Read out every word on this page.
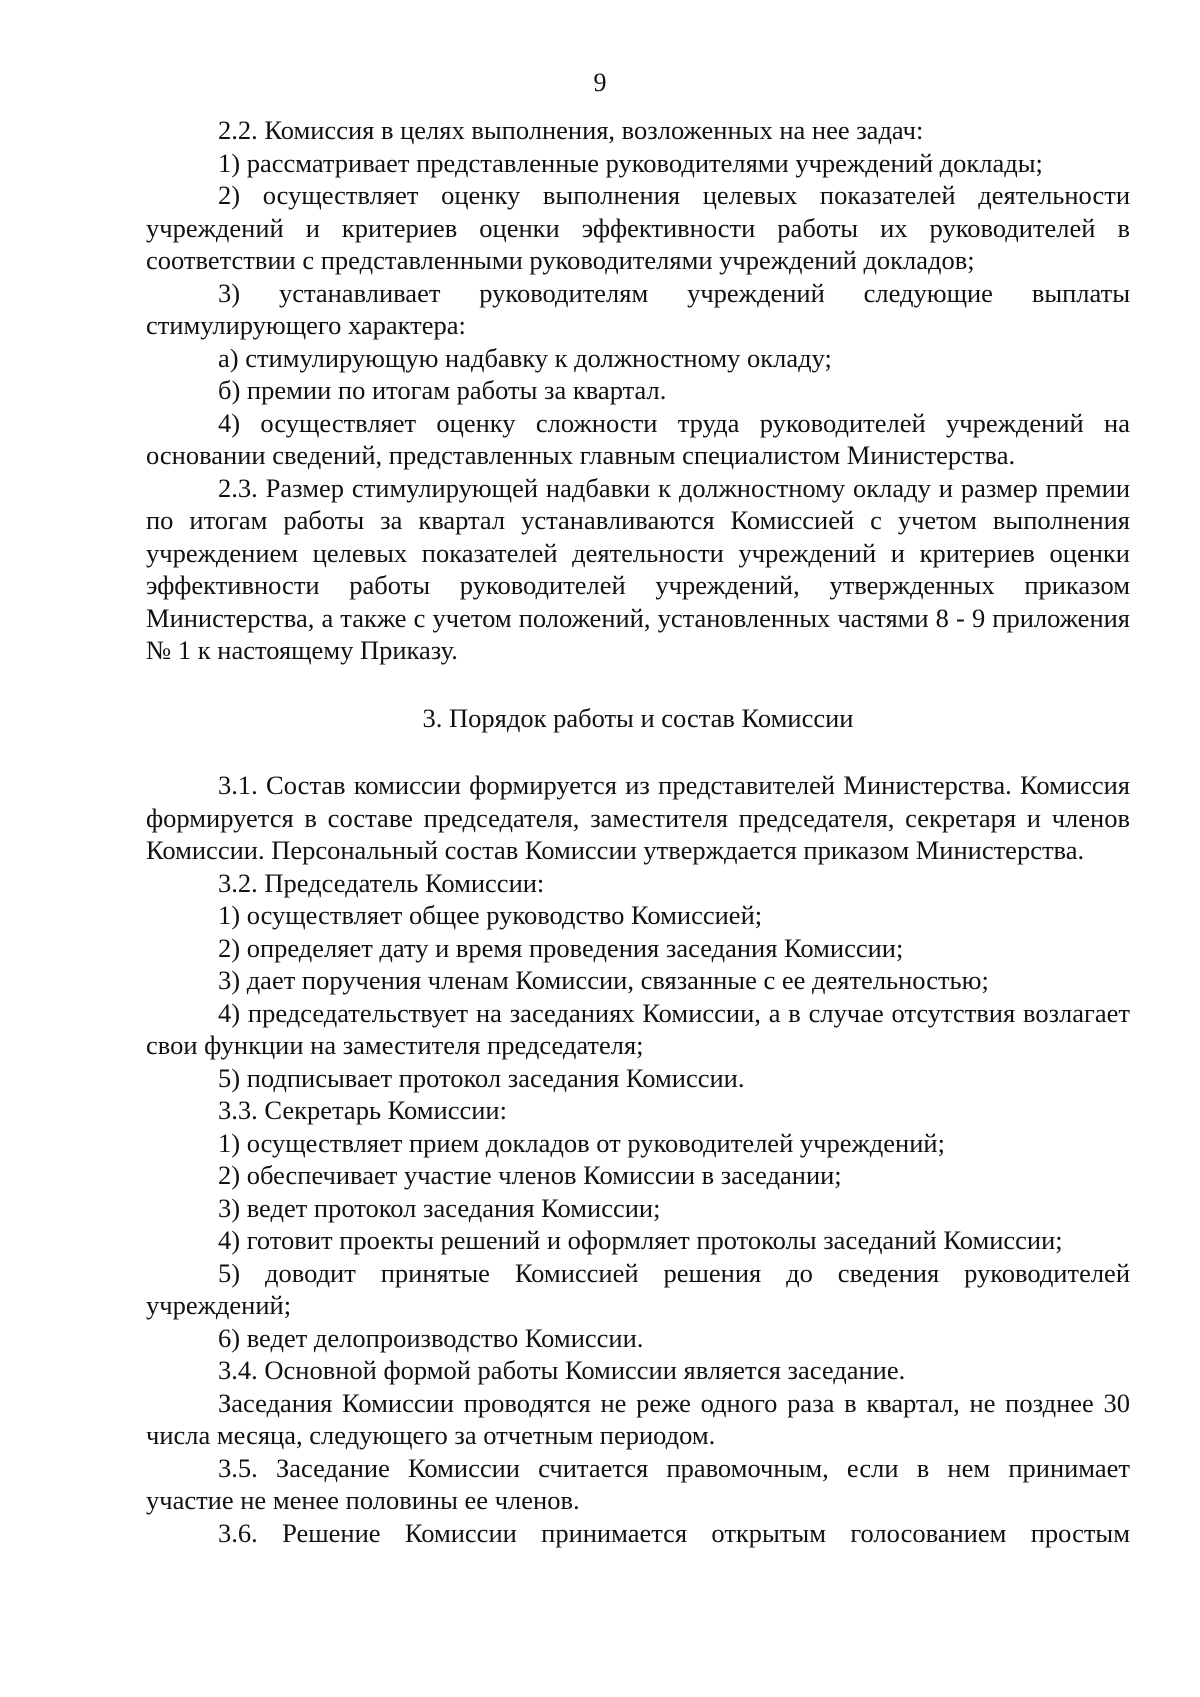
9

2.2. Комиссия в целях выполнения, возложенных на нее задач:

1) рассматривает представленные руководителями учреждений доклады;

2) осуществляет оценку выполнения целевых показателей деятельности учреждений и критериев оценки эффективности работы их руководителей в соответствии с представленными руководителями учреждений докладов;

3) устанавливает руководителям учреждений следующие выплаты стимулирующего характера:

а) стимулирующую надбавку к должностному окладу;

б) премии по итогам работы за квартал.

4) осуществляет оценку сложности труда руководителей учреждений на основании сведений, представленных главным специалистом Министерства.

2.3. Размер стимулирующей надбавки к должностному окладу и размер премии по итогам работы за квартал устанавливаются Комиссией с учетом выполнения учреждением целевых показателей деятельности учреждений и критериев оценки эффективности работы руководителей учреждений, утвержденных приказом Министерства, а также с учетом положений, установленных частями 8 - 9 приложения № 1 к настоящему Приказу.

3. Порядок работы и состав Комиссии

3.1. Состав комиссии формируется из представителей Министерства. Комиссия формируется в составе председателя, заместителя председателя, секретаря и членов Комиссии. Персональный состав Комиссии утверждается приказом Министерства.

3.2. Председатель Комиссии:

1) осуществляет общее руководство Комиссией;

2) определяет дату и время проведения заседания Комиссии;

3) дает поручения членам Комиссии, связанные с ее деятельностью;

4) председательствует на заседаниях Комиссии, а в случае отсутствия возлагает свои функции на заместителя председателя;

5) подписывает протокол заседания Комиссии.

3.3. Секретарь Комиссии:

1) осуществляет прием докладов от руководителей учреждений;

2) обеспечивает участие членов Комиссии в заседании;

3) ведет протокол заседания Комиссии;

4) готовит проекты решений и оформляет протоколы заседаний Комиссии;

5) доводит принятые Комиссией решения до сведения руководителей учреждений;

6) ведет делопроизводство Комиссии.

3.4. Основной формой работы Комиссии является заседание.

Заседания Комиссии проводятся не реже одного раза в квартал, не позднее 30 числа месяца, следующего за отчетным периодом.

3.5. Заседание Комиссии считается правомочным, если в нем принимает участие не менее половины ее членов.

3.6. Решение Комиссии принимается открытым голосованием простым
